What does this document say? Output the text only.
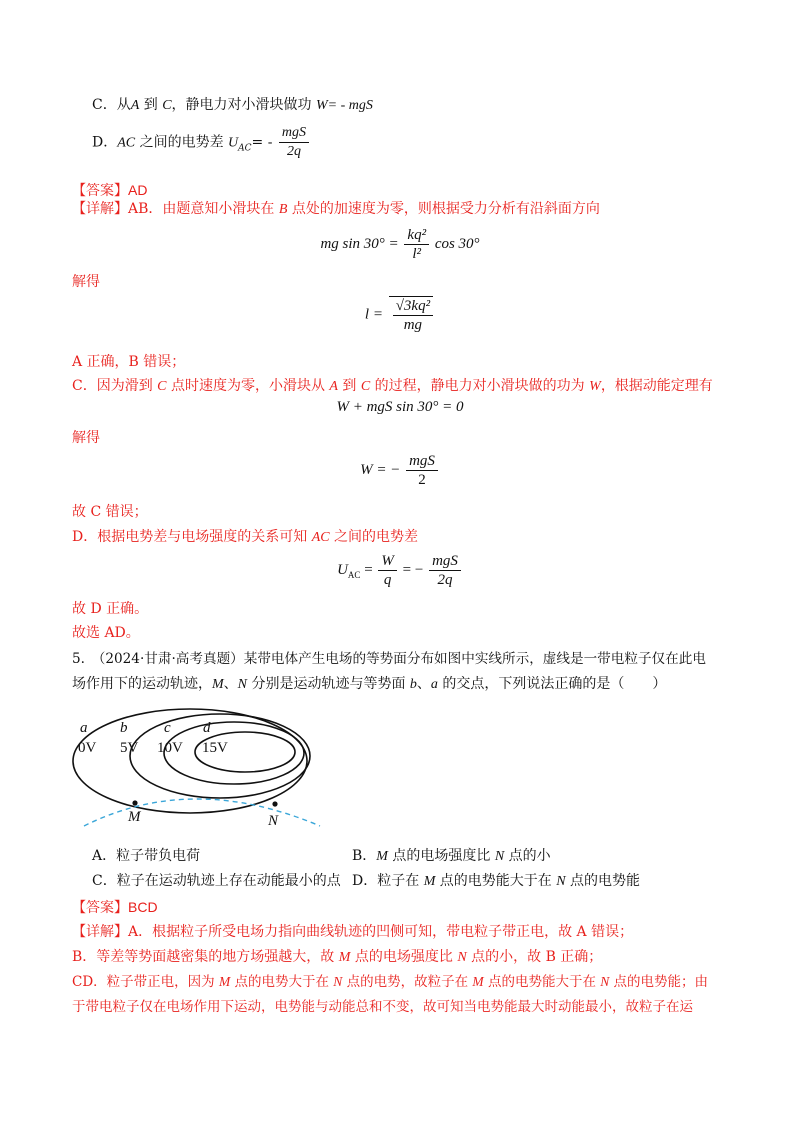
C．从A 到 C，静电力对小滑块做功 W= - mgS
D．AC 之间的电势差 $U_{AC}= - \frac{\text{mgS}}{2q}$
【答案】AD
【详解】AB．由题意知小滑块在 B 点处的加速度为零，则根据受力分析有沿斜面方向
mg $\sin 30^\circ = \frac{\text{kq²}}{\text{l²}}$ cos 30°
解得
$l = \frac{\text{√3kq²}}{mg}$
A 正确，B 错误；
C．因为滑到 C 点时速度为零，小滑块从 A 到 C 的过程，静电力对小滑块做的功为 W，根据动能定理有
W + mgS sin 30° = 0
解得
W = − $\frac{\text{mgS}}{2}$
故 C 错误；
D．根据电势差与电场强度的关系可知 AC 之间的电势差
$U_{AC} = \frac{W}{q}$ = − $\frac{\text{mgS}}{2q}$
故 D 正确。
故选 AD。
5.　（2024·甘肃·高考真题）某带电体产生电场的等势面分布如图中实线所示，虚线是一带电粒子仅在此电
场作用下的运动轨迹，M、N 分别是运动轨迹与等势面 b、a 的交点，下列说法正确的是（　　）
a
0V
b
5V
c
10V
d
15V
M	N
A．粒子带负电荷	B．M 点的电场强度比 N 点的小
C．粒子在运动轨迹上存在动能最小的点 D．粒子在 M 点的电势能大于在 N 点的电势能
【答案】BCD
【详解】A．根据粒子所受电场力指向曲线轨迹的凹侧可知，带电粒子带正电，故 A 错误；
B．等差等势面越密集的地方场强越大，故 M 点的电场强度比 N 点的小，故 B 正确；
CD．粒子带正电，因为 M 点的电势大于在 N 点的电势，故粒子在 M 点的电势能大于在 N 点的电势能；由
于带电粒子仅在电场作用下运动，电势能与动能总和不变，故可知当电势能最大时动能最小，故粒子在运
